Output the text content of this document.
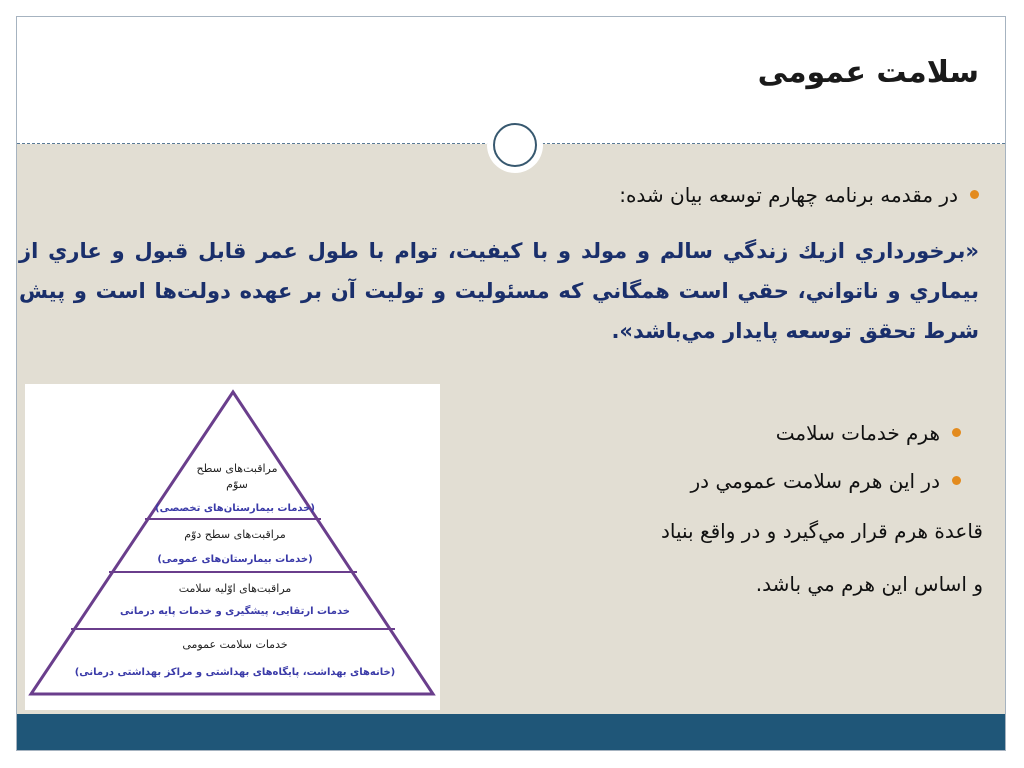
سلامت عمومی
در مقدمه برنامه چهارم توسعه بيان شده:
«برخورداري ازيك زندگي سالم و مولد و با كيفيت، توام با طول عمر قابل قبول و عاري از بيماري و ناتواني، حقي است همگاني كه مسئوليت و توليت آن بر عهده دولت‌ها است و پيش شرط تحقق توسعه پايدار مي‌باشد».
هرم خدمات سلامت
در اين هرم سلامت عمومي در
قاعدة هرم قرار مي‌گيرد و در واقع بنياد
و اساس اين هرم مي باشد.
مراقبت‌های سطح
سوّم
(خدمات بیمارستان‌های تخصصی)
مراقبت‌های سطح دوّم
(خدمات بیمارستان‌های عمومی)
مراقبت‌های اوّلیه سلامت
خدمات ارتقایی، پیشگیری و خدمات پایه درمانی
خدمات سلامت عمومی
(خانه‌های بهداشت، پایگاه‌های بهداشتی و مراکز بهداشتی درمانی)
